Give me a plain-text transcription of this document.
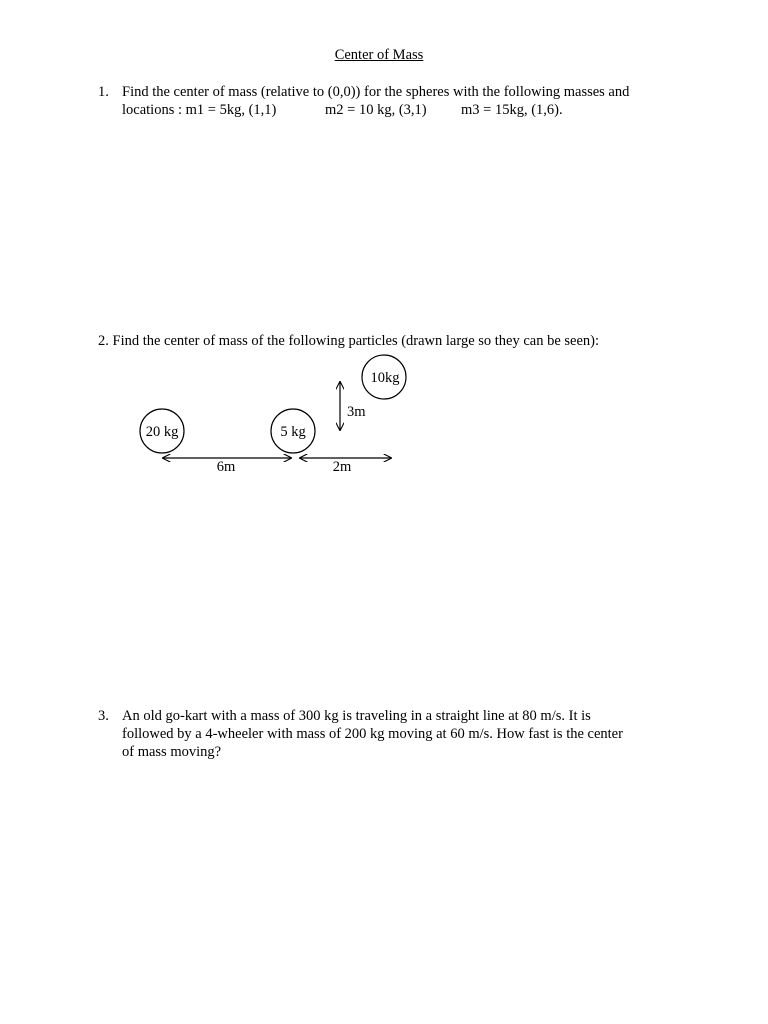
Center of Mass
1. Find the center of mass (relative to (0,0)) for the spheres with the following masses and
locations : m1 = 5kg, (1,1)	m2 = 10 kg, (3,1) m3 = 15kg, (1,6).
2. Find the center of mass of the following particles (drawn large so they can be seen):
20 kg	5 kg
10kg
3m
6m	2m
3. An old go-kart with a mass of 300 kg is traveling in a straight line at 80 m/s. It is
followed by a 4-wheeler with mass of 200 kg moving at 60 m/s. How fast is the center
of mass moving?
